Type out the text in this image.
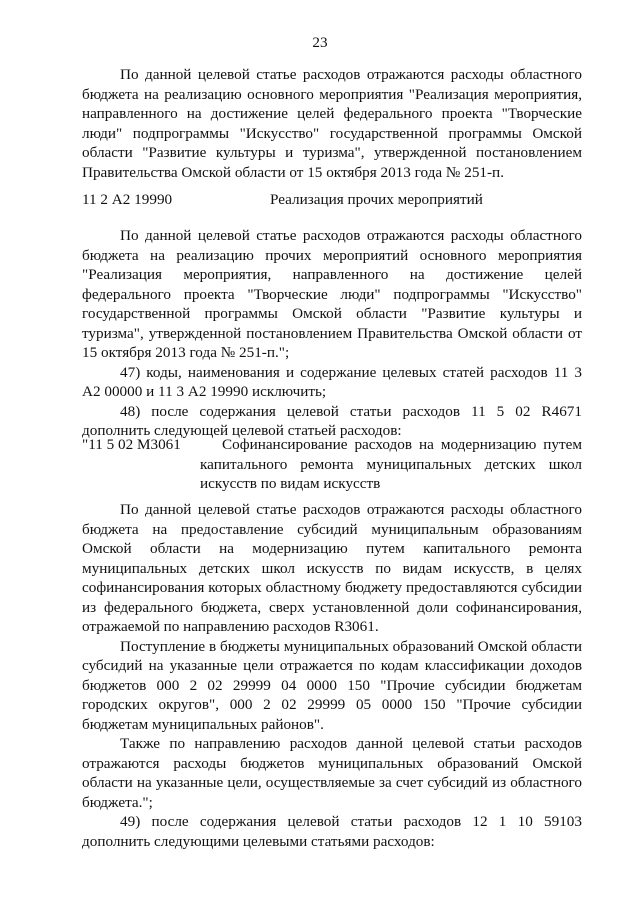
23

По данной целевой статье расходов отражаются расходы областного бюджета на реализацию основного мероприятия "Реализация мероприятия, направленного на достижение целей федерального проекта "Творческие люди" подпрограммы "Искусство" государственной программы Омской области "Развитие культуры и туризма", утвержденной постановлением Правительства Омской области от 15 октября 2013 года № 251-п.

11 2 А2 19990	Реализация прочих мероприятий

По данной целевой статье расходов отражаются расходы областного бюджета на реализацию прочих мероприятий основного мероприятия "Реализация мероприятия, направленного на достижение целей федерального проекта "Творческие люди" подпрограммы "Искусство" государственной программы Омской области "Развитие культуры и туризма", утвержденной постановлением Правительства Омской области от 15 октября 2013 года № 251-п.";

47) коды, наименования и содержание целевых статей расходов 11 3 А2 00000 и 11 3 А2 19990 исключить;

48) после содержания целевой статьи расходов 11 5 02 R4671 дополнить следующей целевой статьей расходов:

"11 5 02 М3061	Софинансирование расходов на модернизацию путем капитального ремонта муниципальных детских школ искусств по видам искусств

По данной целевой статье расходов отражаются расходы областного бюджета на предоставление субсидий муниципальным образованиям Омской области на модернизацию путем капитального ремонта муниципальных детских школ искусств по видам искусств, в целях софинансирования которых областному бюджету предоставляются субсидии из федерального бюджета, сверх установленной доли софинансирования, отражаемой по направлению расходов R3061.

Поступление в бюджеты муниципальных образований Омской области субсидий на указанные цели отражается по кодам классификации доходов бюджетов 000 2 02 29999 04 0000 150 "Прочие субсидии бюджетам городских округов", 000 2 02 29999 05 0000 150 "Прочие субсидии бюджетам муниципальных районов".

Также по направлению расходов данной целевой статьи расходов отражаются расходы бюджетов муниципальных образований Омской области на указанные цели, осуществляемые за счет субсидий из областного бюджета.";

49) после содержания целевой статьи расходов 12 1 10 59103 дополнить следующими целевыми статьями расходов:
